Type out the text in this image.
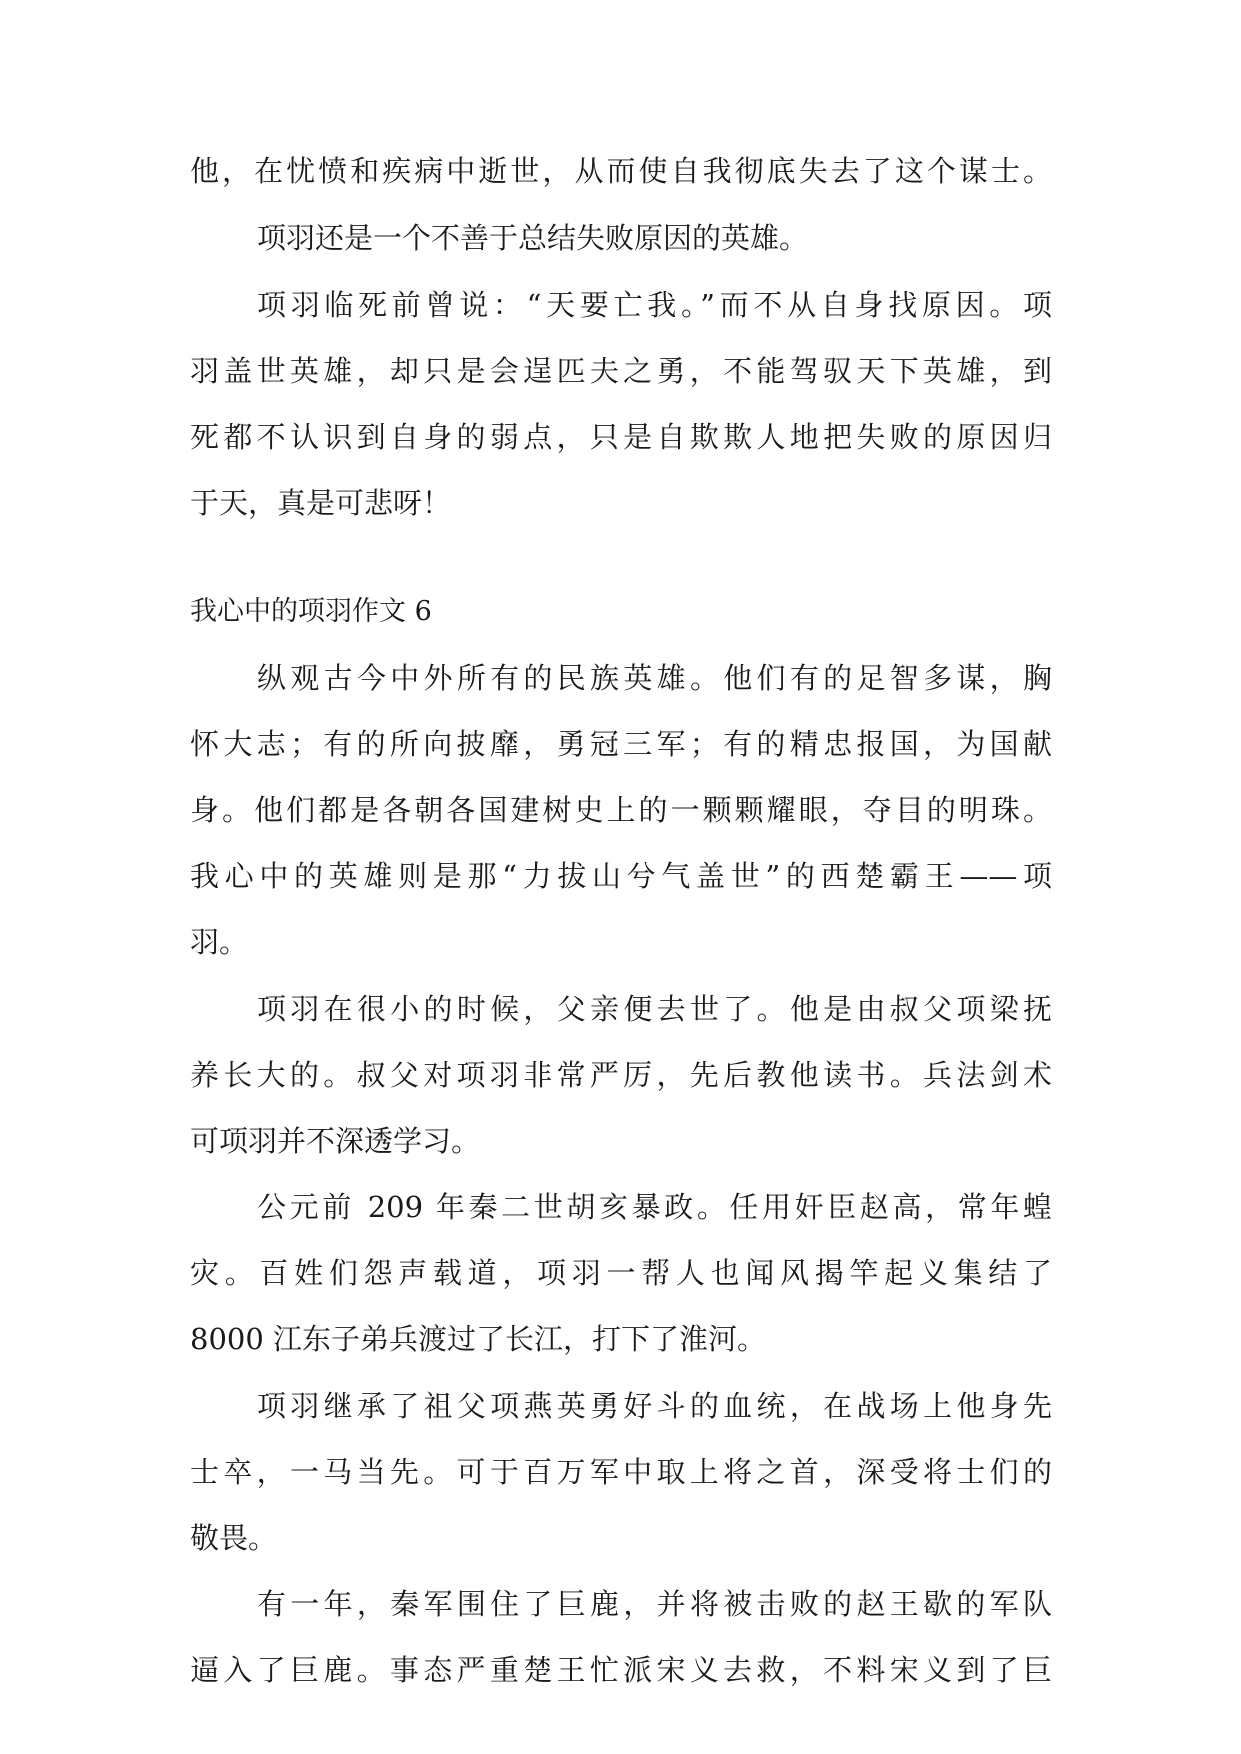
他，在忧愤和疾病中逝世，从而使自我彻底失去了这个谋士。
项羽还是一个不善于总结失败原因的英雄。
项羽临死前曾说：“天要亡我。”而不从自身找原因。项
羽盖世英雄，却只是会逞匹夫之勇，不能驾驭天下英雄，到
死都不认识到自身的弱点，只是自欺欺人地把失败的原因归
于天，真是可悲呀！
我心中的项羽作文 6
纵观古今中外所有的民族英雄。他们有的足智多谋，胸
怀大志；有的所向披靡，勇冠三军；有的精忠报国，为国献
身。他们都是各朝各国建树史上的一颗颗耀眼，夺目的明珠。
我心中的英雄则是那“力拔山兮气盖世”的西楚霸王——项
羽。
项羽在很小的时候，父亲便去世了。他是由叔父项梁抚
养长大的。叔父对项羽非常严厉，先后教他读书。兵法剑术
可项羽并不深透学习。
公元前 209 年秦二世胡亥暴政。任用奸臣赵高，常年蝗
灾。百姓们怨声载道，项羽一帮人也闻风揭竿起义集结了
8000 江东子弟兵渡过了长江，打下了淮河。
项羽继承了祖父项燕英勇好斗的血统，在战场上他身先
士卒，一马当先。可于百万军中取上将之首，深受将士们的
敬畏。
有一年，秦军围住了巨鹿，并将被击败的赵王歇的军队
逼入了巨鹿。事态严重楚王忙派宋义去救，不料宋义到了巨
